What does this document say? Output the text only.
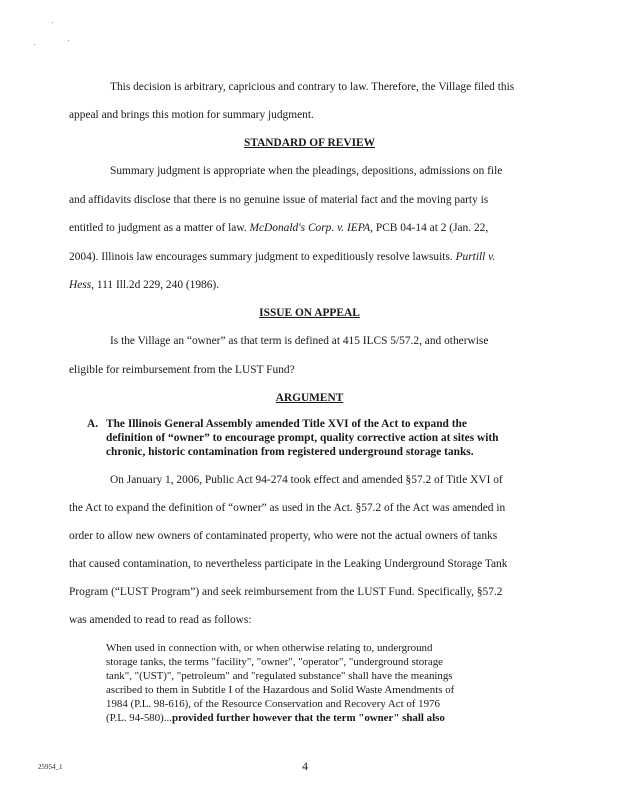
This decision is arbitrary, capricious and contrary to law. Therefore, the Village filed this
appeal and brings this motion for summary judgment.
STANDARD OF REVIEW
Summary judgment is appropriate when the pleadings, depositions, admissions on file
and affidavits disclose that there is no genuine issue of material fact and the moving party is
entitled to judgment as a matter of law. McDonald's Corp. v. IEPA, PCB 04-14 at 2 (Jan. 22,
2004). Illinois law encourages summary judgment to expeditiously resolve lawsuits. Purtill v.
Hess, 111 Ill.2d 229, 240 (1986).
ISSUE ON APPEAL
Is the Village an “owner” as that term is defined at 415 ILCS 5/57.2, and otherwise
eligible for reimbursement from the LUST Fund?
ARGUMENT
A. The Illinois General Assembly amended Title XVI of the Act to expand the
definition of “owner” to encourage prompt, quality corrective action at sites with
chronic, historic contamination from registered underground storage tanks.
On January 1, 2006, Public Act 94-274 took effect and amended §57.2 of Title XVI of
the Act to expand the definition of “owner” as used in the Act. §57.2 of the Act was amended in
order to allow new owners of contaminated property, who were not the actual owners of tanks
that caused contamination, to nevertheless participate in the Leaking Underground Storage Tank
Program (“LUST Program”) and seek reimbursement from the LUST Fund. Specifically, §57.2
was amended to read to read as follows:
When used in connection with, or when otherwise relating to, underground
storage tanks, the terms "facility", "owner", "operator", "underground storage
tank", "(UST)", "petroleum" and "regulated substance" shall have the meanings
ascribed to them in Subtitle I of the Hazardous and Solid Waste Amendments of
1984 (P.L. 98-616), of the Resource Conservation and Recovery Act of 1976
(P.L. 94-580)...provided further however that the term "owner" shall also
25954_1	4
